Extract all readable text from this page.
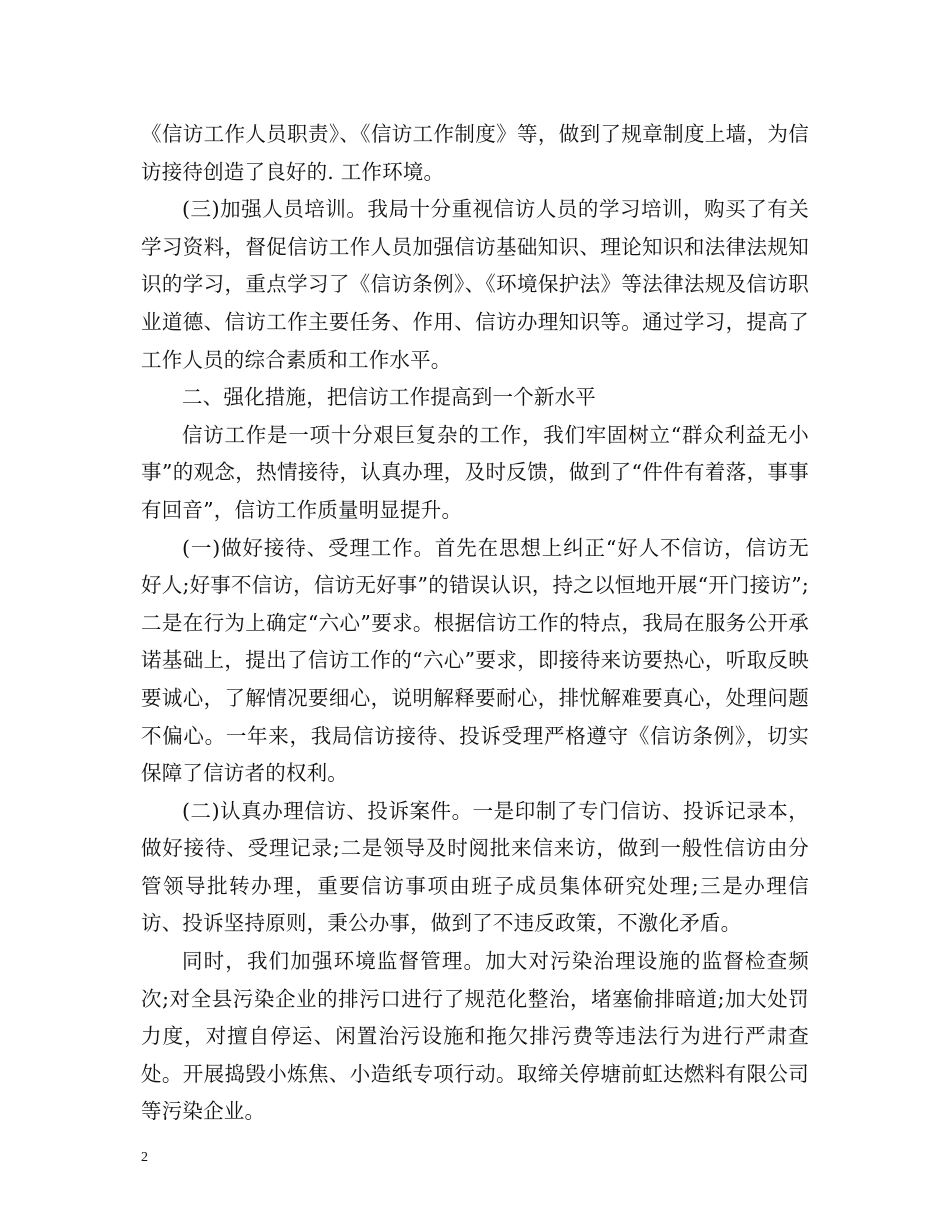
《信访工作人员职责》、《信访工作制度》等，做到了规章制度上墙，为信访接待创造了良好的. 工作环境。

(三)加强人员培训。我局十分重视信访人员的学习培训，购买了有关学习资料，督促信访工作人员加强信访基础知识、理论知识和法律法规知识的学习，重点学习了《信访条例》、《环境保护法》等法律法规及信访职业道德、信访工作主要任务、作用、信访办理知识等。通过学习，提高了工作人员的综合素质和工作水平。

二、强化措施，把信访工作提高到一个新水平

信访工作是一项十分艰巨复杂的工作，我们牢固树立“群众利益无小事”的观念，热情接待，认真办理，及时反馈，做到了“件件有着落，事事有回音”，信访工作质量明显提升。

(一)做好接待、受理工作。首先在思想上纠正“好人不信访，信访无好人;好事不信访，信访无好事”的错误认识，持之以恒地开展“开门接访”;二是在行为上确定“六心”要求。根据信访工作的特点，我局在服务公开承诺基础上，提出了信访工作的“六心”要求，即接待来访要热心，听取反映要诚心，了解情况要细心，说明解释要耐心，排忧解难要真心，处理问题不偏心。一年来，我局信访接待、投诉受理严格遵守《信访条例》，切实保障了信访者的权利。

(二)认真办理信访、投诉案件。一是印制了专门信访、投诉记录本，做好接待、受理记录;二是领导及时阅批来信来访，做到一般性信访由分管领导批转办理，重要信访事项由班子成员集体研究处理;三是办理信访、投诉坚持原则，秉公办事，做到了不违反政策，不激化矛盾。

同时，我们加强环境监督管理。加大对污染治理设施的监督检查频次;对全县污染企业的排污口进行了规范化整治，堵塞偷排暗道;加大处罚力度，对擅自停运、闲置治污设施和拖欠排污费等违法行为进行严肃查处。开展捣毁小炼焦、小造纸专项行动。取缔关停塘前虹达燃料有限公司等污染企业。

2
